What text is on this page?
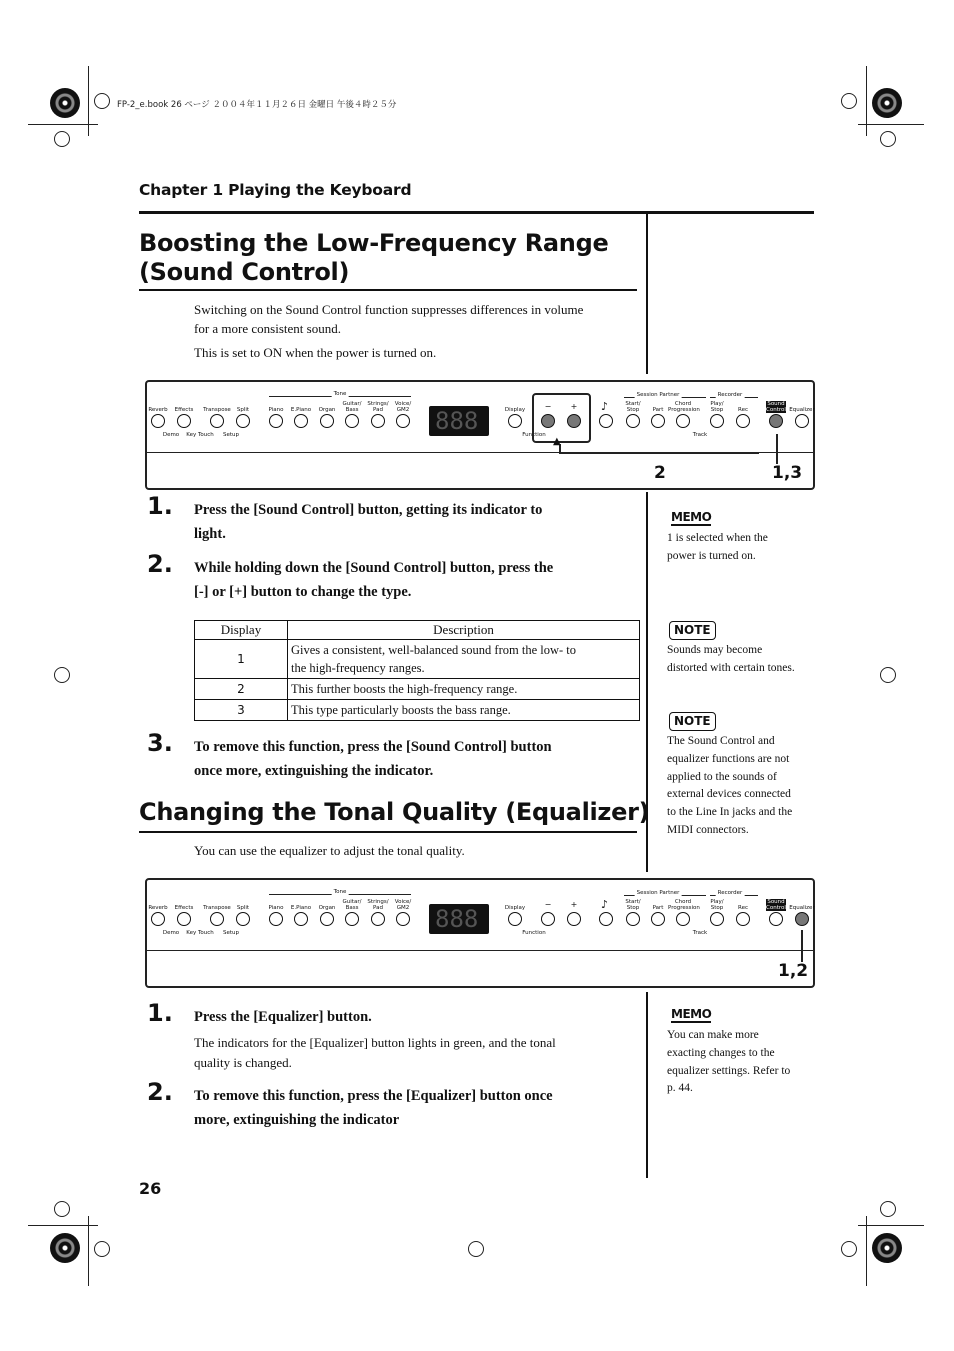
FP-2_e.book 26 ページ ２００４年１１月２６日 金曜日 午後４時２５分
Chapter 1 Playing the Keyboard
Boosting the Low-Frequency Range
(Sound Control)
Switching on the Sound Control function suppresses differences in volume
for a more consistent sound.
This is set to ON when the power is turned on.
Tone	Session Partner	Recorder
Reverb Effects Transpose Split
Demo Key Touch Setup
Piano E.Piano Organ
Guitar/ Bass
Strings/ Pad
Voice/ GM2 888	Display
Function
− + ♪	Start/ Stop	Part
Chord Progression
Track
Play/ Stop	Rec
Sound Control Equalizer
▲
2	1,3
1. Press the [Sound Control] button, getting its indicator to
light.
2. While holding down the [Sound Control] button, press the
[-] or [+] button to change the type.
Display	Description
1	Gives a consistent, well-balanced sound from the low- to
the high-frequency ranges.

2	This further boosts the high-frequency range.
3	This type particularly boosts the bass range.
3. To remove this function, press the [Sound Control] button
once more, extinguishing the indicator.
Changing the Tonal Quality (Equalizer)
You can use the equalizer to adjust the tonal quality.
Tone	Session Partner	Recorder
Reverb Effects Transpose Split
Demo Key Touch Setup
Piano E.Piano Organ
Guitar/ Bass
Strings/ Pad
Voice/ GM2 888	Display
Function
− + ♪	Start/ Stop	Part
Chord Progression
Track
Play/ Stop	Rec
Sound Control Equalizer
1,2
1. Press the [Equalizer] button.
The indicators for the [Equalizer] button lights in green, and the tonal
quality is changed.
2. To remove this function, press the [Equalizer] button once
more, extinguishing the indicator
MEMO
1 is selected when the
power is turned on.
NOTE
Sounds may become
distorted with certain tones.
NOTE
The Sound Control and
equalizer functions are not
applied to the sounds of
external devices connected
to the Line In jacks and the
MIDI connectors.
MEMO
You can make more
exacting changes to the
equalizer settings. Refer to
p. 44.
26
